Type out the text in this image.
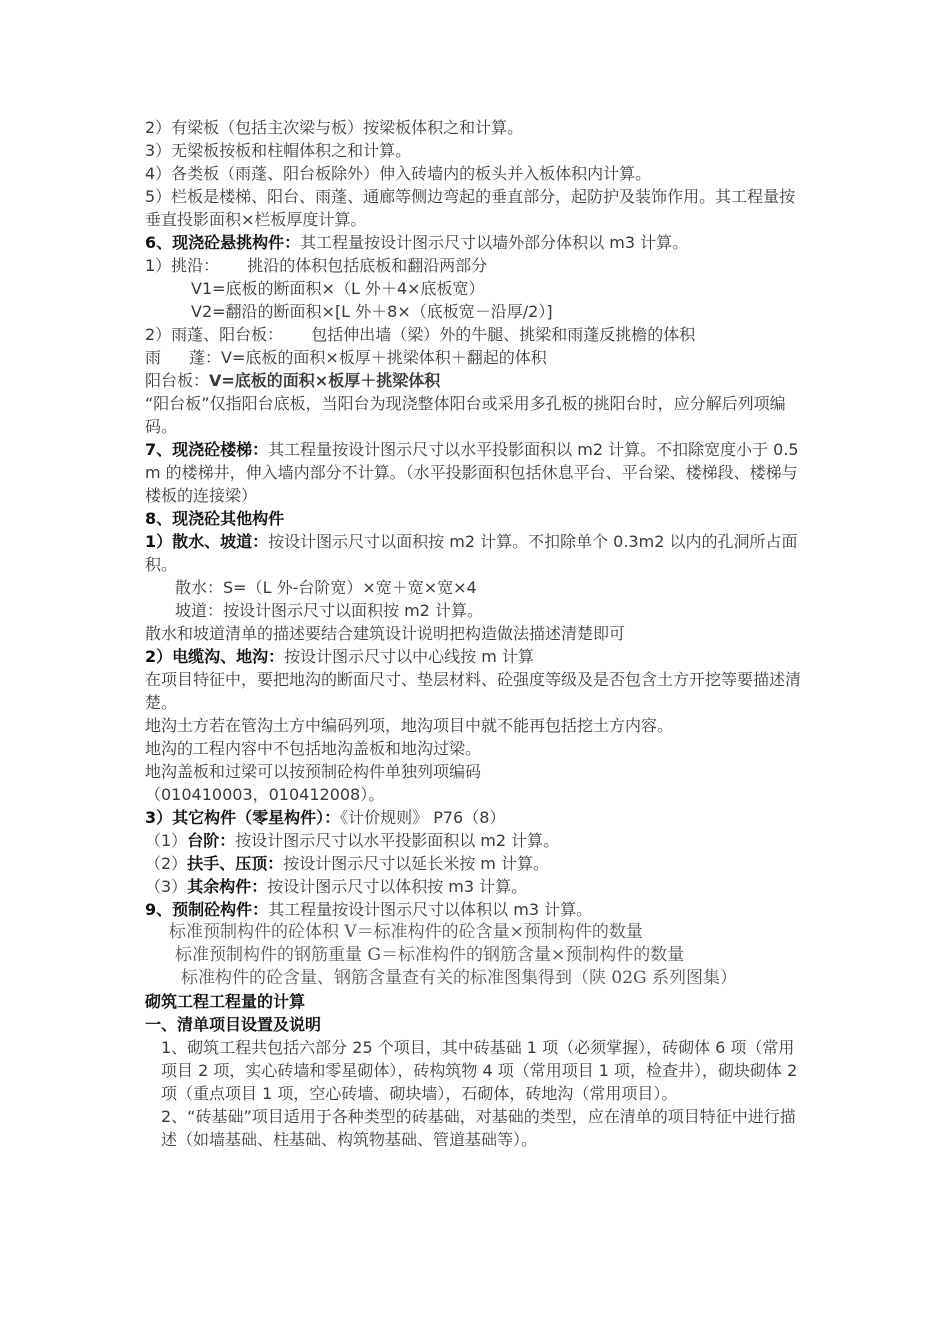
2）有梁板（包括主次梁与板）按梁板体积之和计算。
3）无梁板按板和柱帽体积之和计算。
4）各类板（雨蓬、阳台板除外）伸入砖墙内的板头并入板体积内计算。
5）栏板是楼梯、阳台、雨蓬、通廊等侧边弯起的垂直部分，起防护及装饰作用。其工程量按垂直投影面积×栏板厚度计算。
6、现浇砼悬挑构件：其工程量按设计图示尺寸以墙外部分体积以 m3 计算。
1）挑沿： 挑沿的体积包括底板和翻沿两部分
V1=底板的断面积×（L 外＋4×底板宽）
V2=翻沿的断面积×[L 外＋8×（底板宽－沿厚/2）]
2）雨蓬、阳台板： 包括伸出墙（梁）外的牛腿、挑梁和雨蓬反挑檐的体积
雨 蓬：V=底板的面积×板厚＋挑梁体积＋翻起的体积
阳台板：V=底板的面积×板厚＋挑梁体积
“阳台板”仅指阳台底板，当阳台为现浇整体阳台或采用多孔板的挑阳台时，应分解后列项编码。
7、现浇砼楼梯：其工程量按设计图示尺寸以水平投影面积以 m2 计算。不扣除宽度小于 0.5m 的楼梯井，伸入墙内部分不计算。（水平投影面积包括休息平台、平台梁、楼梯段、楼梯与楼板的连接梁）
8、现浇砼其他构件
1）散水、坡道：按设计图示尺寸以面积按 m2 计算。不扣除单个 0.3m2 以内的孔洞所占面积。
散水：S=（L 外-台阶宽）×宽＋宽×宽×4
坡道：按设计图示尺寸以面积按 m2 计算。
散水和坡道清单的描述要结合建筑设计说明把构造做法描述清楚即可
2）电缆沟、地沟：按设计图示尺寸以中心线按 m 计算
在项目特征中，要把地沟的断面尺寸、垫层材料、砼强度等级及是否包含土方开挖等要描述清楚。
地沟土方若在管沟土方中编码列项，地沟项目中就不能再包括挖土方内容。
地沟的工程内容中不包括地沟盖板和地沟过梁。
地沟盖板和过梁可以按预制砼构件单独列项编码
（010410003，010412008）。
3）其它构件（零星构件）：《计价规则》 P76（8）
（1）台阶：按设计图示尺寸以水平投影面积以 m2 计算。
（2）扶手、压顶：按设计图示尺寸以延长米按 m 计算。
（3）其余构件：按设计图示尺寸以体积按 m3 计算。
9、预制砼构件：其工程量按设计图示尺寸以体积以 m3 计算。
标准预制构件的砼体积 V＝标准构件的砼含量×预制构件的数量
标准预制构件的钢筋重量 G＝标准构件的钢筋含量×预制构件的数量
标准构件的砼含量、钢筋含量查有关的标准图集得到（陕 02G 系列图集）
砌筑工程工程量的计算
一、清单项目设置及说明
1、砌筑工程共包括六部分 25 个项目，其中砖基础 1 项（必须掌握），砖砌体 6 项（常用项目 2 项，实心砖墙和零星砌体），砖构筑物 4 项（常用项目 1 项，检查井），砌块砌体 2 项（重点项目 1 项，空心砖墙、砌块墙），石砌体，砖地沟（常用项目）。
2、“砖基础”项目适用于各种类型的砖基础，对基础的类型，应在清单的项目特征中进行描述（如墙基础、柱基础、构筑物基础、管道基础等）。
